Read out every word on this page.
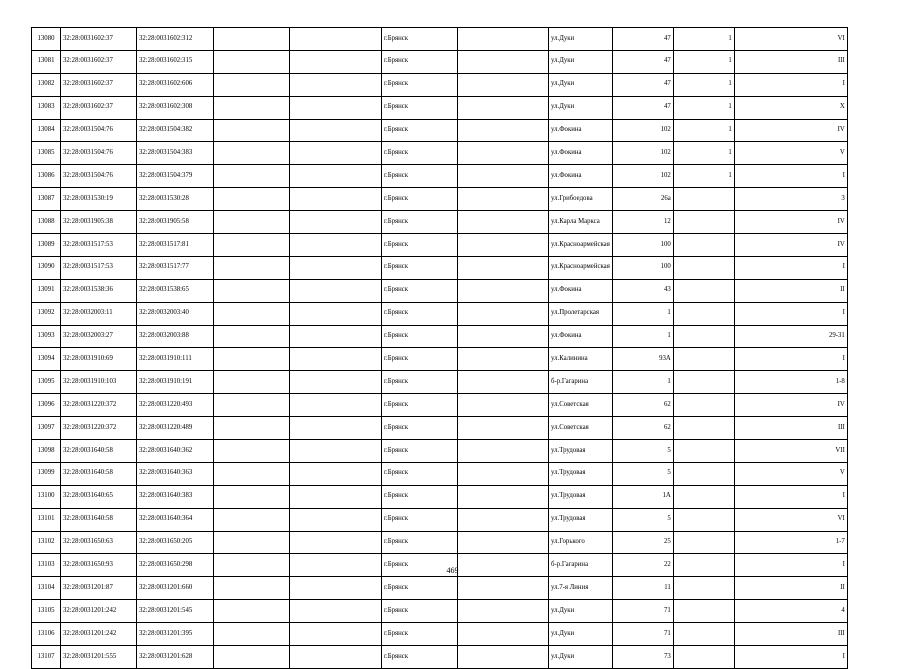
13080	32:28:0031602:37	32:28:0031602:312			г.Брянск		ул.Дуки	47	1	VI
13081	32:28:0031602:37	32:28:0031602:315			г.Брянск		ул.Дуки	47	1	III
13082	32:28:0031602:37	32:28:0031602:606			г.Брянск		ул.Дуки	47	1	I
13083	32:28:0031602:37	32:28:0031602:308			г.Брянск		ул.Дуки	47	1	X
13084	32:28:0031504:76	32:28:0031504:382			г.Брянск		ул.Фокина	102	1	IV
13085	32:28:0031504:76	32:28:0031504:383			г.Брянск		ул.Фокина	102	1	V
13086	32:28:0031504:76	32:28:0031504:379			г.Брянск		ул.Фокина	102	1	I
13087	32:28:0031530:19	32:28:0031530:28			г.Брянск		ул.Грибоедова	26a		3
13088	32:28:0031905:38	32:28:0031905:58			г.Брянск		ул.Карла Маркса	12		IV
13089	32:28:0031517:53	32:28:0031517:81			г.Брянск		ул.Красноармейская	100		IV
13090	32:28:0031517:53	32:28:0031517:77			г.Брянск		ул.Красноармейская	100		I
13091	32:28:0031538:36	32:28:0031538:65			г.Брянск		ул.Фокина	43		II
13092	32:28:0032003:11	32:28:0032003:40			г.Брянск		ул.Пролетарская	1		I
13093	32:28:0032003:27	32:28:0032003:88			г.Брянск		ул.Фокина	1		29-31
13094	32:28:0031910:69	32:28:0031910:111			г.Брянск		ул.Калинина	93А		I
13095	32:28:0031910:103	32:28:0031910:191			г.Брянск		б-р.Гагарина	1		1-8
13096	32:28:0031220:372	32:28:0031220:493			г.Брянск		ул.Советская	62		IV
13097	32:28:0031220:372	32:28:0031220:489			г.Брянск		ул.Советская	62		III
13098	32:28:0031640:58	32:28:0031640:362			г.Брянск		ул.Трудовая	5		VII
13099	32:28:0031640:58	32:28:0031640:363			г.Брянск		ул.Трудовая	5		V
13100	32:28:0031640:65	32:28:0031640:383			г.Брянск		ул.Трудовая	1А		I
13101	32:28:0031640:58	32:28:0031640:364			г.Брянск		ул.Трудовая	5		VI
13102	32:28:0031650:63	32:28:0031650:205			г.Брянск		ул.Горького	25		1-7
13103	32:28:0031650:93	32:28:0031650:298			г.Брянск		б-р.Гагарина	22		I
13104	32:28:0031201:87	32:28:0031201:660			г.Брянск		ул.7-я Линия	11		II
13105	32:28:0031201:242	32:28:0031201:545			г.Брянск		ул.Дуки	71		4
13106	32:28:0031201:242	32:28:0031201:395			г.Брянск		ул.Дуки	71		III
13107	32:28:0031201:555	32:28:0031201:628			г.Брянск		ул.Дуки	73		I
469
